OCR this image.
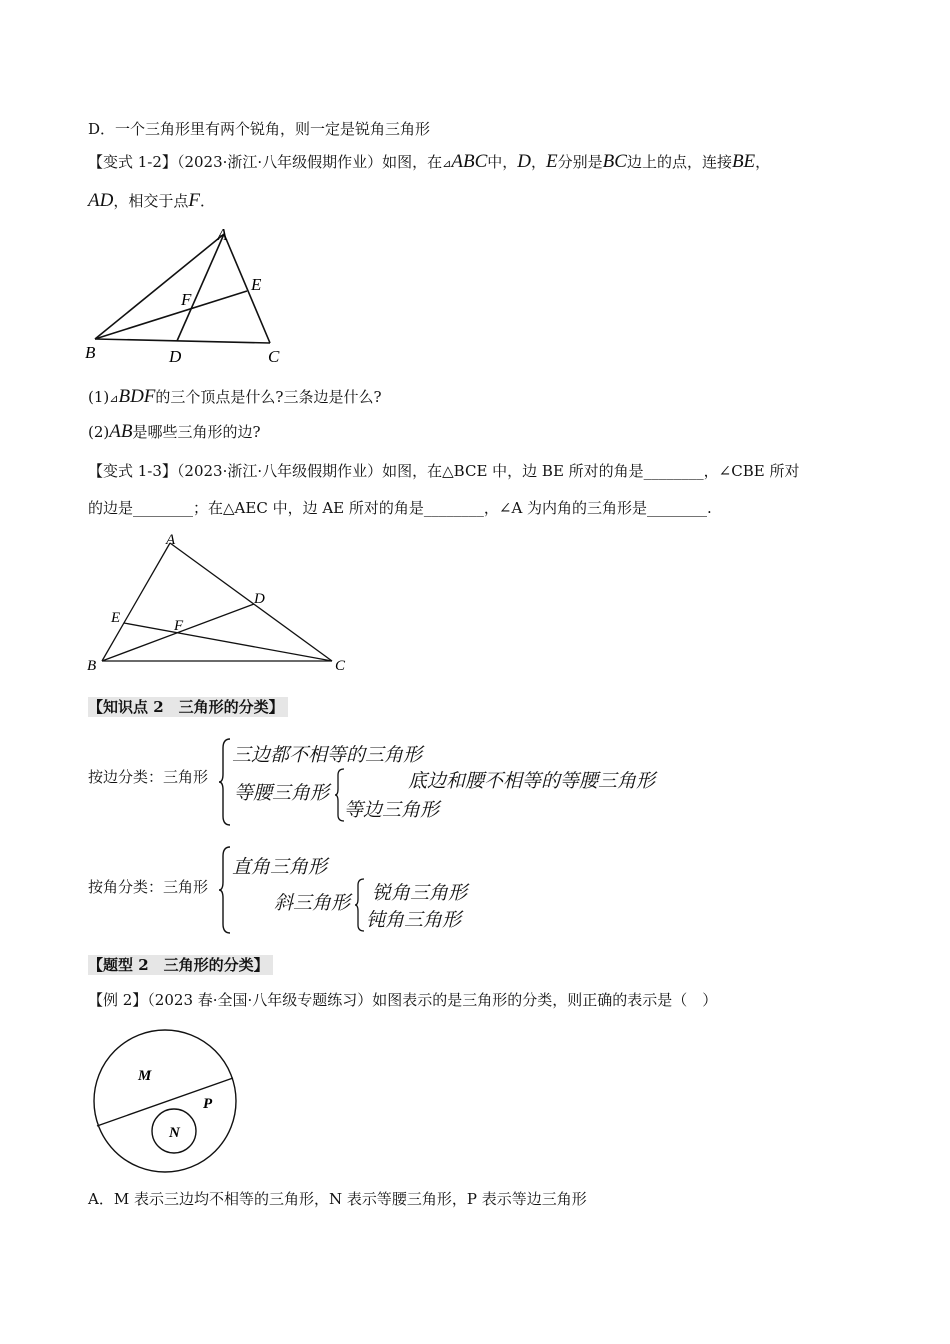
D．一个三角形里有两个锐角，则一定是锐角三角形
【变式 1-2】（2023·浙江·八年级假期作业）如图，在⊿ABC中，D，E分别是BC边上的点，连接BE，
AD，相交于点F．
A
B	C
D
E
F
(1)⊿BDF的三个顶点是什么?三条边是什么?
(2)AB是哪些三角形的边?
【变式 1-3】（2023·浙江·八年级假期作业）如图，在△BCE 中，边 BE 所对的角是________，∠CBE 所对
的边是________；在△AEC 中，边 AE 所对的角是________，∠A 为内角的三角形是________.
A
B	C
D
E	F
【知识点 2　三角形的分类】
按边分类：三角形
三边都不相等的三角形
等腰三角形
底边和腰不相等的等腰三角形
等边三角形
按角分类：三角形
直角三角形
斜三角形 锐角三角形
钝角三角形
【题型 2　三角形的分类】
【例 2】（2023 春·全国·八年级专题练习）如图表示的是三角形的分类，则正确的表示是（　）
M
P
N
A．M 表示三边均不相等的三角形，N 表示等腰三角形，P 表示等边三角形
